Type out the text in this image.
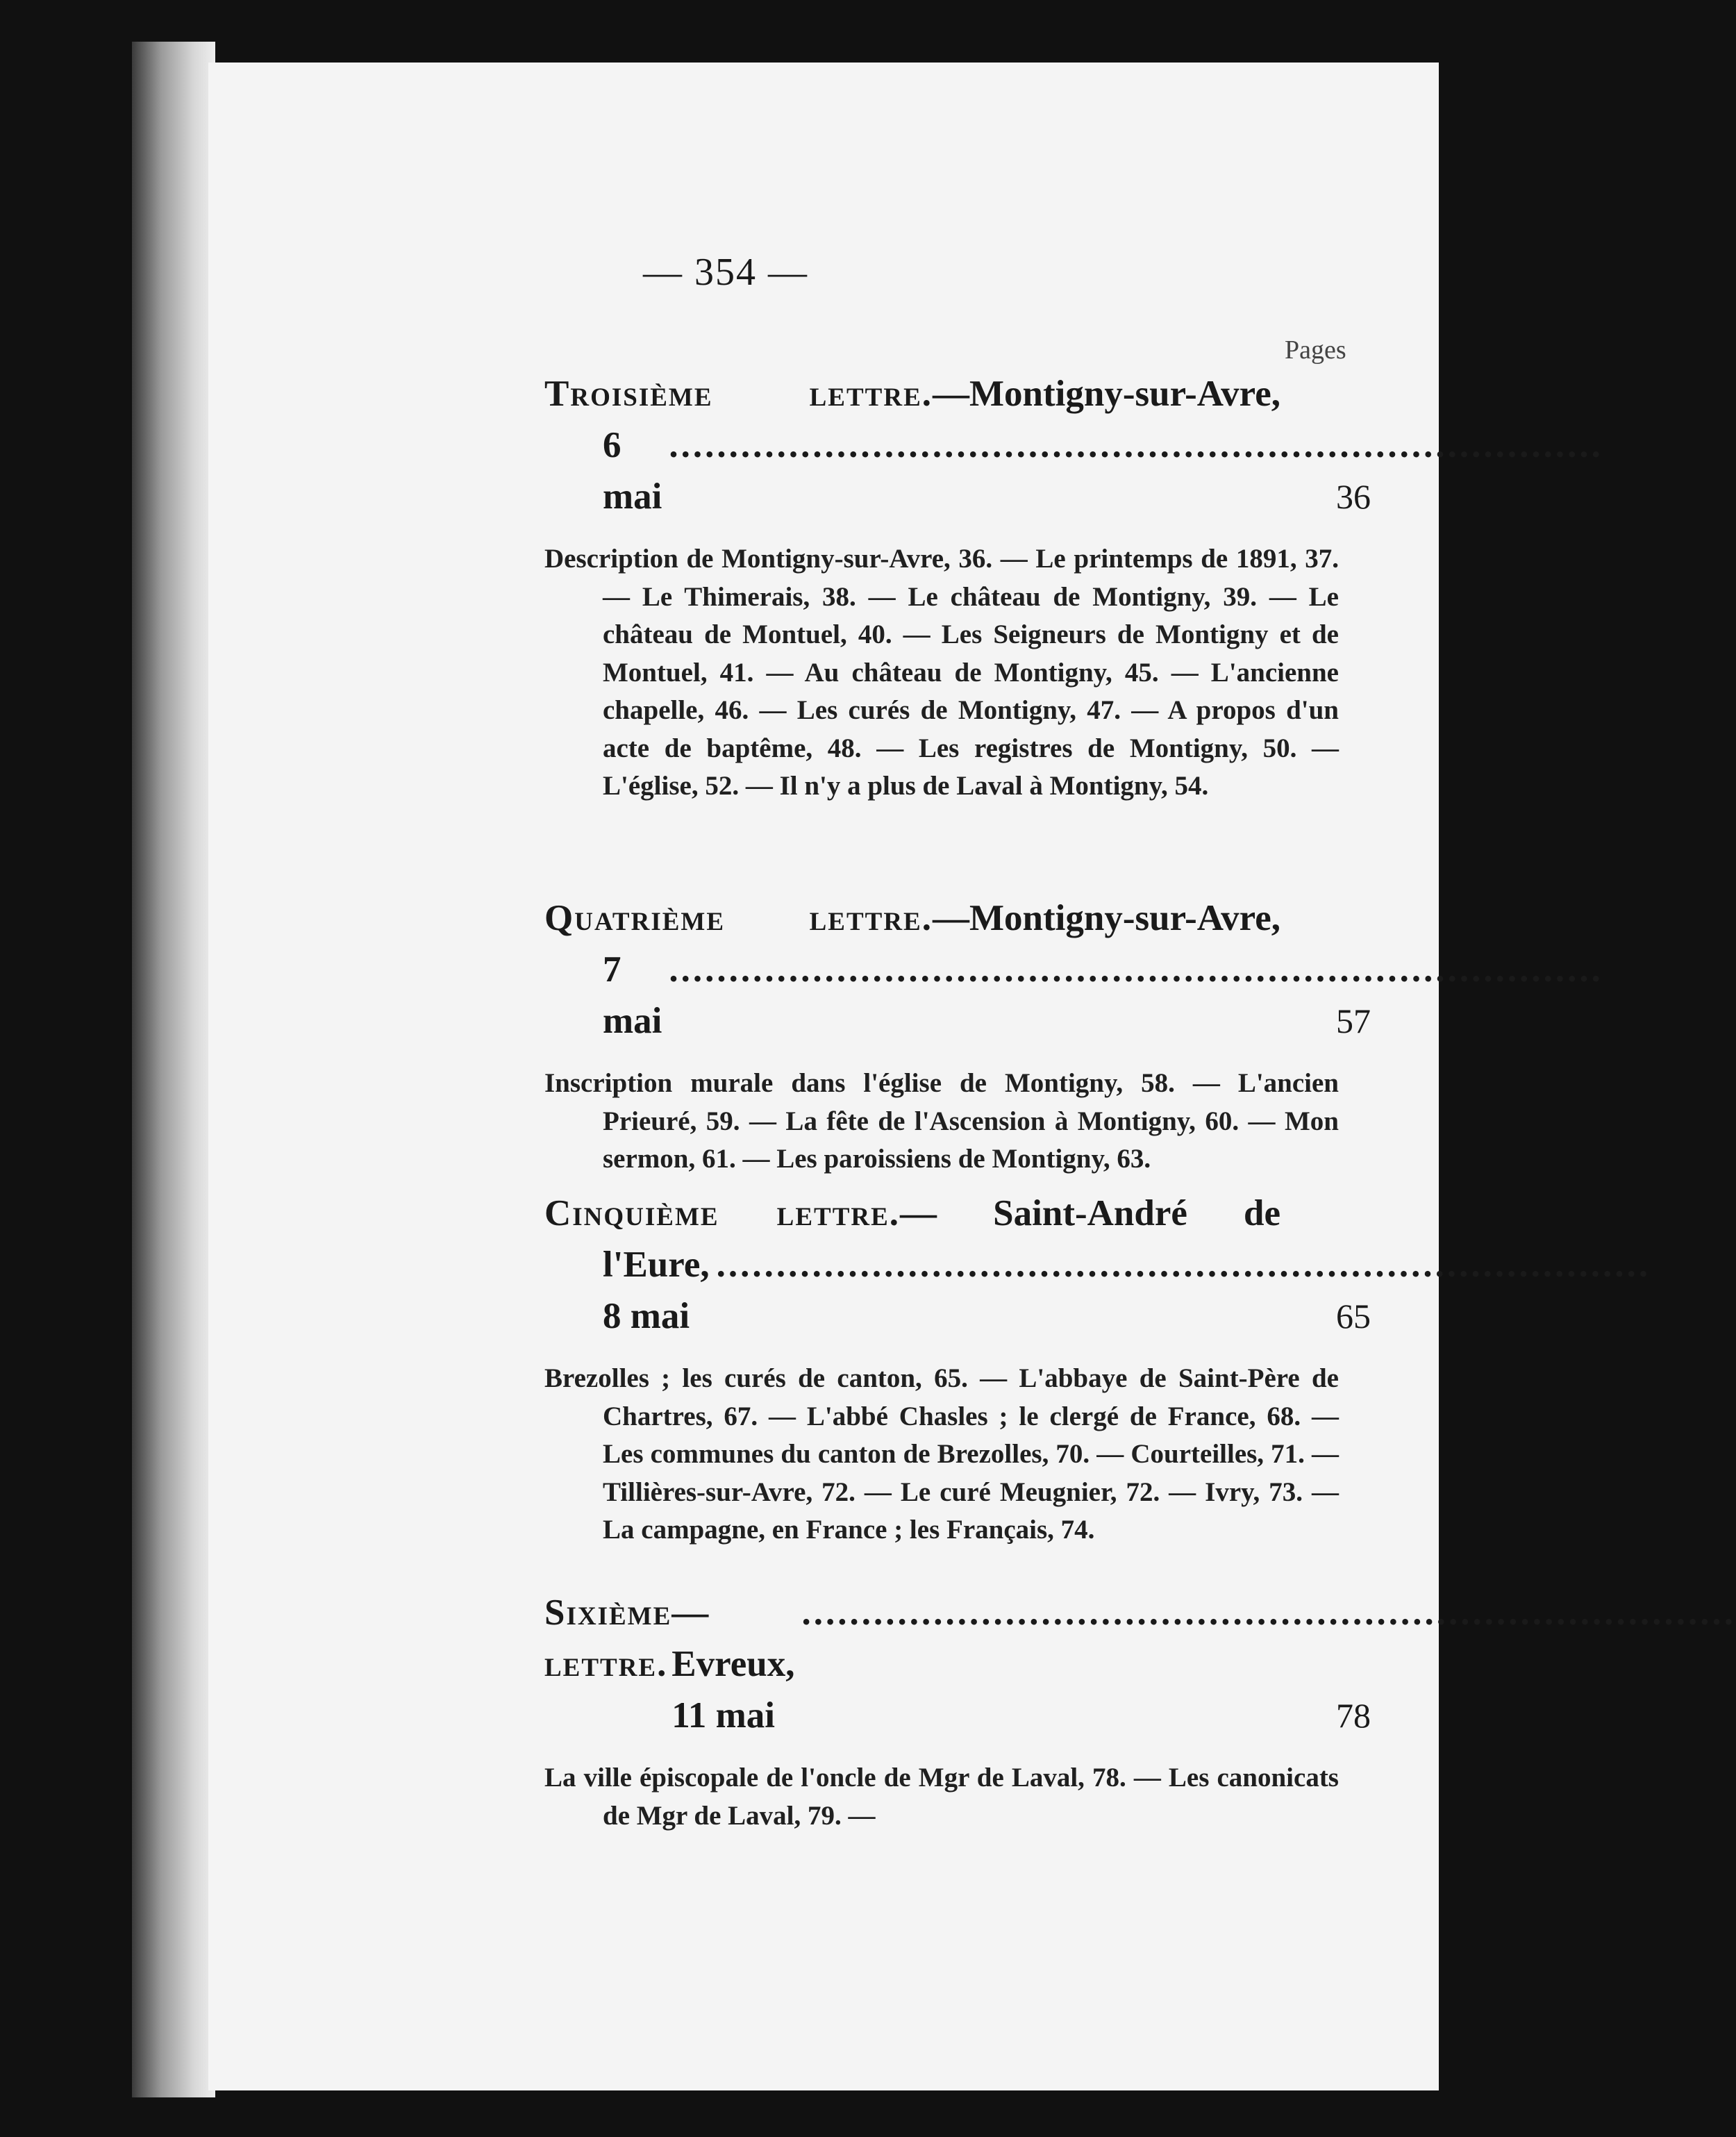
— 354 —
Pages
Troisième lettre.—Montigny-sur-Avre,
6 mai
..............................................................................
36
Description de Montigny-sur-Avre, 36. — Le printemps de 1891, 37. — Le Thimerais, 38. — Le château de Montigny, 39. — Le château de Montuel, 40. — Les Seigneurs de Montigny et de Montuel, 41. — Au château de Montigny, 45. — L'ancienne chapelle, 46. — Les curés de Montigny, 47. — A propos d'un acte de baptême, 48. — Les registres de Montigny, 50. — L'église, 52. — Il n'y a plus de Laval à Montigny, 54.
Quatrième lettre.—Montigny-sur-Avre,
7 mai
..............................................................................
57
Inscription murale dans l'église de Montigny, 58. — L'ancien Prieuré, 59. — La fête de l'Ascension à Montigny, 60. — Mon sermon, 61. — Les paroissiens de Montigny, 63.
Cinquième lettre.— Saint-André de
l'Eure, 8 mai
..............................................................................
65
Brezolles ; les curés de canton, 65. — L'abbaye de Saint-Père de Chartres, 67. — L'abbé Chasles ; le clergé de France, 68. — Les communes du canton de Brezolles, 70. — Courteilles, 71. — Tillières-sur-Avre, 72. — Le curé Meugnier, 72. — Ivry, 73. — La campagne, en France ; les Français, 74.
Sixième lettre.
— Evreux, 11 mai
..............................................................................
78
La ville épiscopale de l'oncle de Mgr de Laval, 78. — Les canonicats de Mgr de Laval, 79. —
